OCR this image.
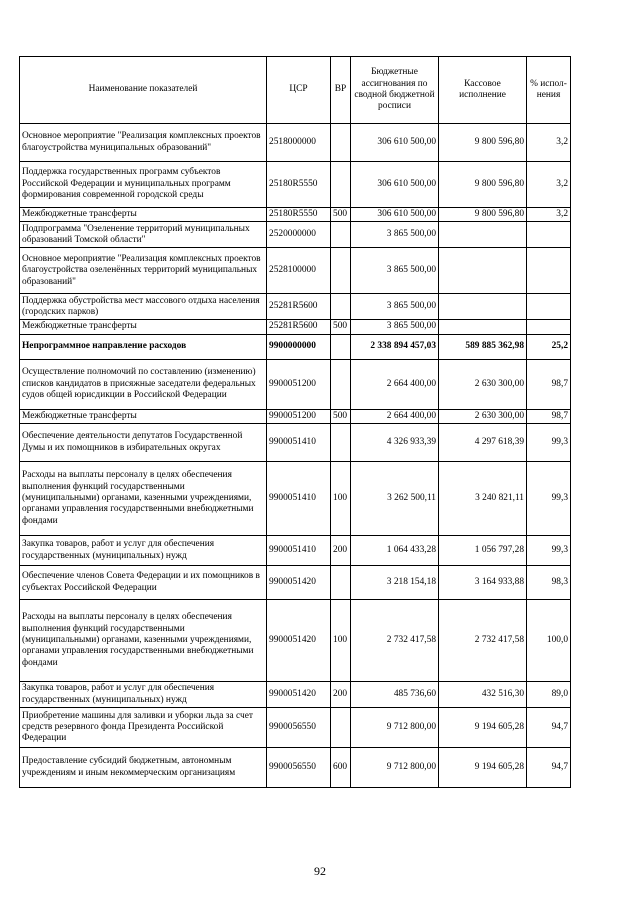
Наименование показателей	ЦСР	ВР	Бюджетные ассигнования по сводной бюджетной росписи	Кассовое исполнение	% испол-нения
Основное мероприятие "Реализация комплексных проектов благоустройства муниципальных образований"	2518000000		306 610 500,00	9 800 596,80	3,2
Поддержка государственных программ субъектов Российской Федерации и муниципальных программ формирования современной городской среды	25180R5550		306 610 500,00	9 800 596,80	3,2
Межбюджетные трансферты	25180R5550	500	306 610 500,00	9 800 596,80	3,2
Подпрограмма "Озеленение территорий муниципальных образований Томской области"	2520000000		3 865 500,00		
Основное мероприятие "Реализация комплексных проектов благоустройства озеленённых территорий муниципальных образований"	2528100000		3 865 500,00		
Поддержка обустройства мест массового отдыха населения (городских парков)	25281R5600		3 865 500,00		
Межбюджетные трансферты	25281R5600	500	3 865 500,00		
Непрограммное направление расходов	9900000000		2 338 894 457,03	589 885 362,98	25,2
Осуществление полномочий по составлению (изменению) списков кандидатов в присяжные заседатели федеральных судов общей юрисдикции в Российской Федерации	9900051200		2 664 400,00	2 630 300,00	98,7
Межбюджетные трансферты	9900051200	500	2 664 400,00	2 630 300,00	98,7
Обеспечение деятельности депутатов Государственной Думы и их помощников в избирательных округах	9900051410		4 326 933,39	4 297 618,39	99,3
Расходы на выплаты персоналу в целях обеспечения выполнения функций государственными (муниципальными) органами, казенными учреждениями, органами управления государственными внебюджетными фондами	9900051410	100	3 262 500,11	3 240 821,11	99,3
Закупка товаров, работ и услуг для обеспечения государственных (муниципальных) нужд	9900051410	200	1 064 433,28	1 056 797,28	99,3
Обеспечение членов Совета Федерации и их помощников в субъектах Российской Федерации	9900051420		3 218 154,18	3 164 933,88	98,3
Расходы на выплаты персоналу в целях обеспечения выполнения функций государственными (муниципальными) органами, казенными учреждениями, органами управления государственными внебюджетными фондами	9900051420	100	2 732 417,58	2 732 417,58	100,0
Закупка товаров, работ и услуг для обеспечения государственных (муниципальных) нужд	9900051420	200	485 736,60	432 516,30	89,0
Приобретение машины для заливки и уборки льда за счет средств резервного фонда Президента Российской Федерации	9900056550		9 712 800,00	9 194 605,28	94,7
Предоставление субсидий бюджетным, автономным учреждениям и иным некоммерческим организациям	9900056550	600	9 712 800,00	9 194 605,28	94,7
92
